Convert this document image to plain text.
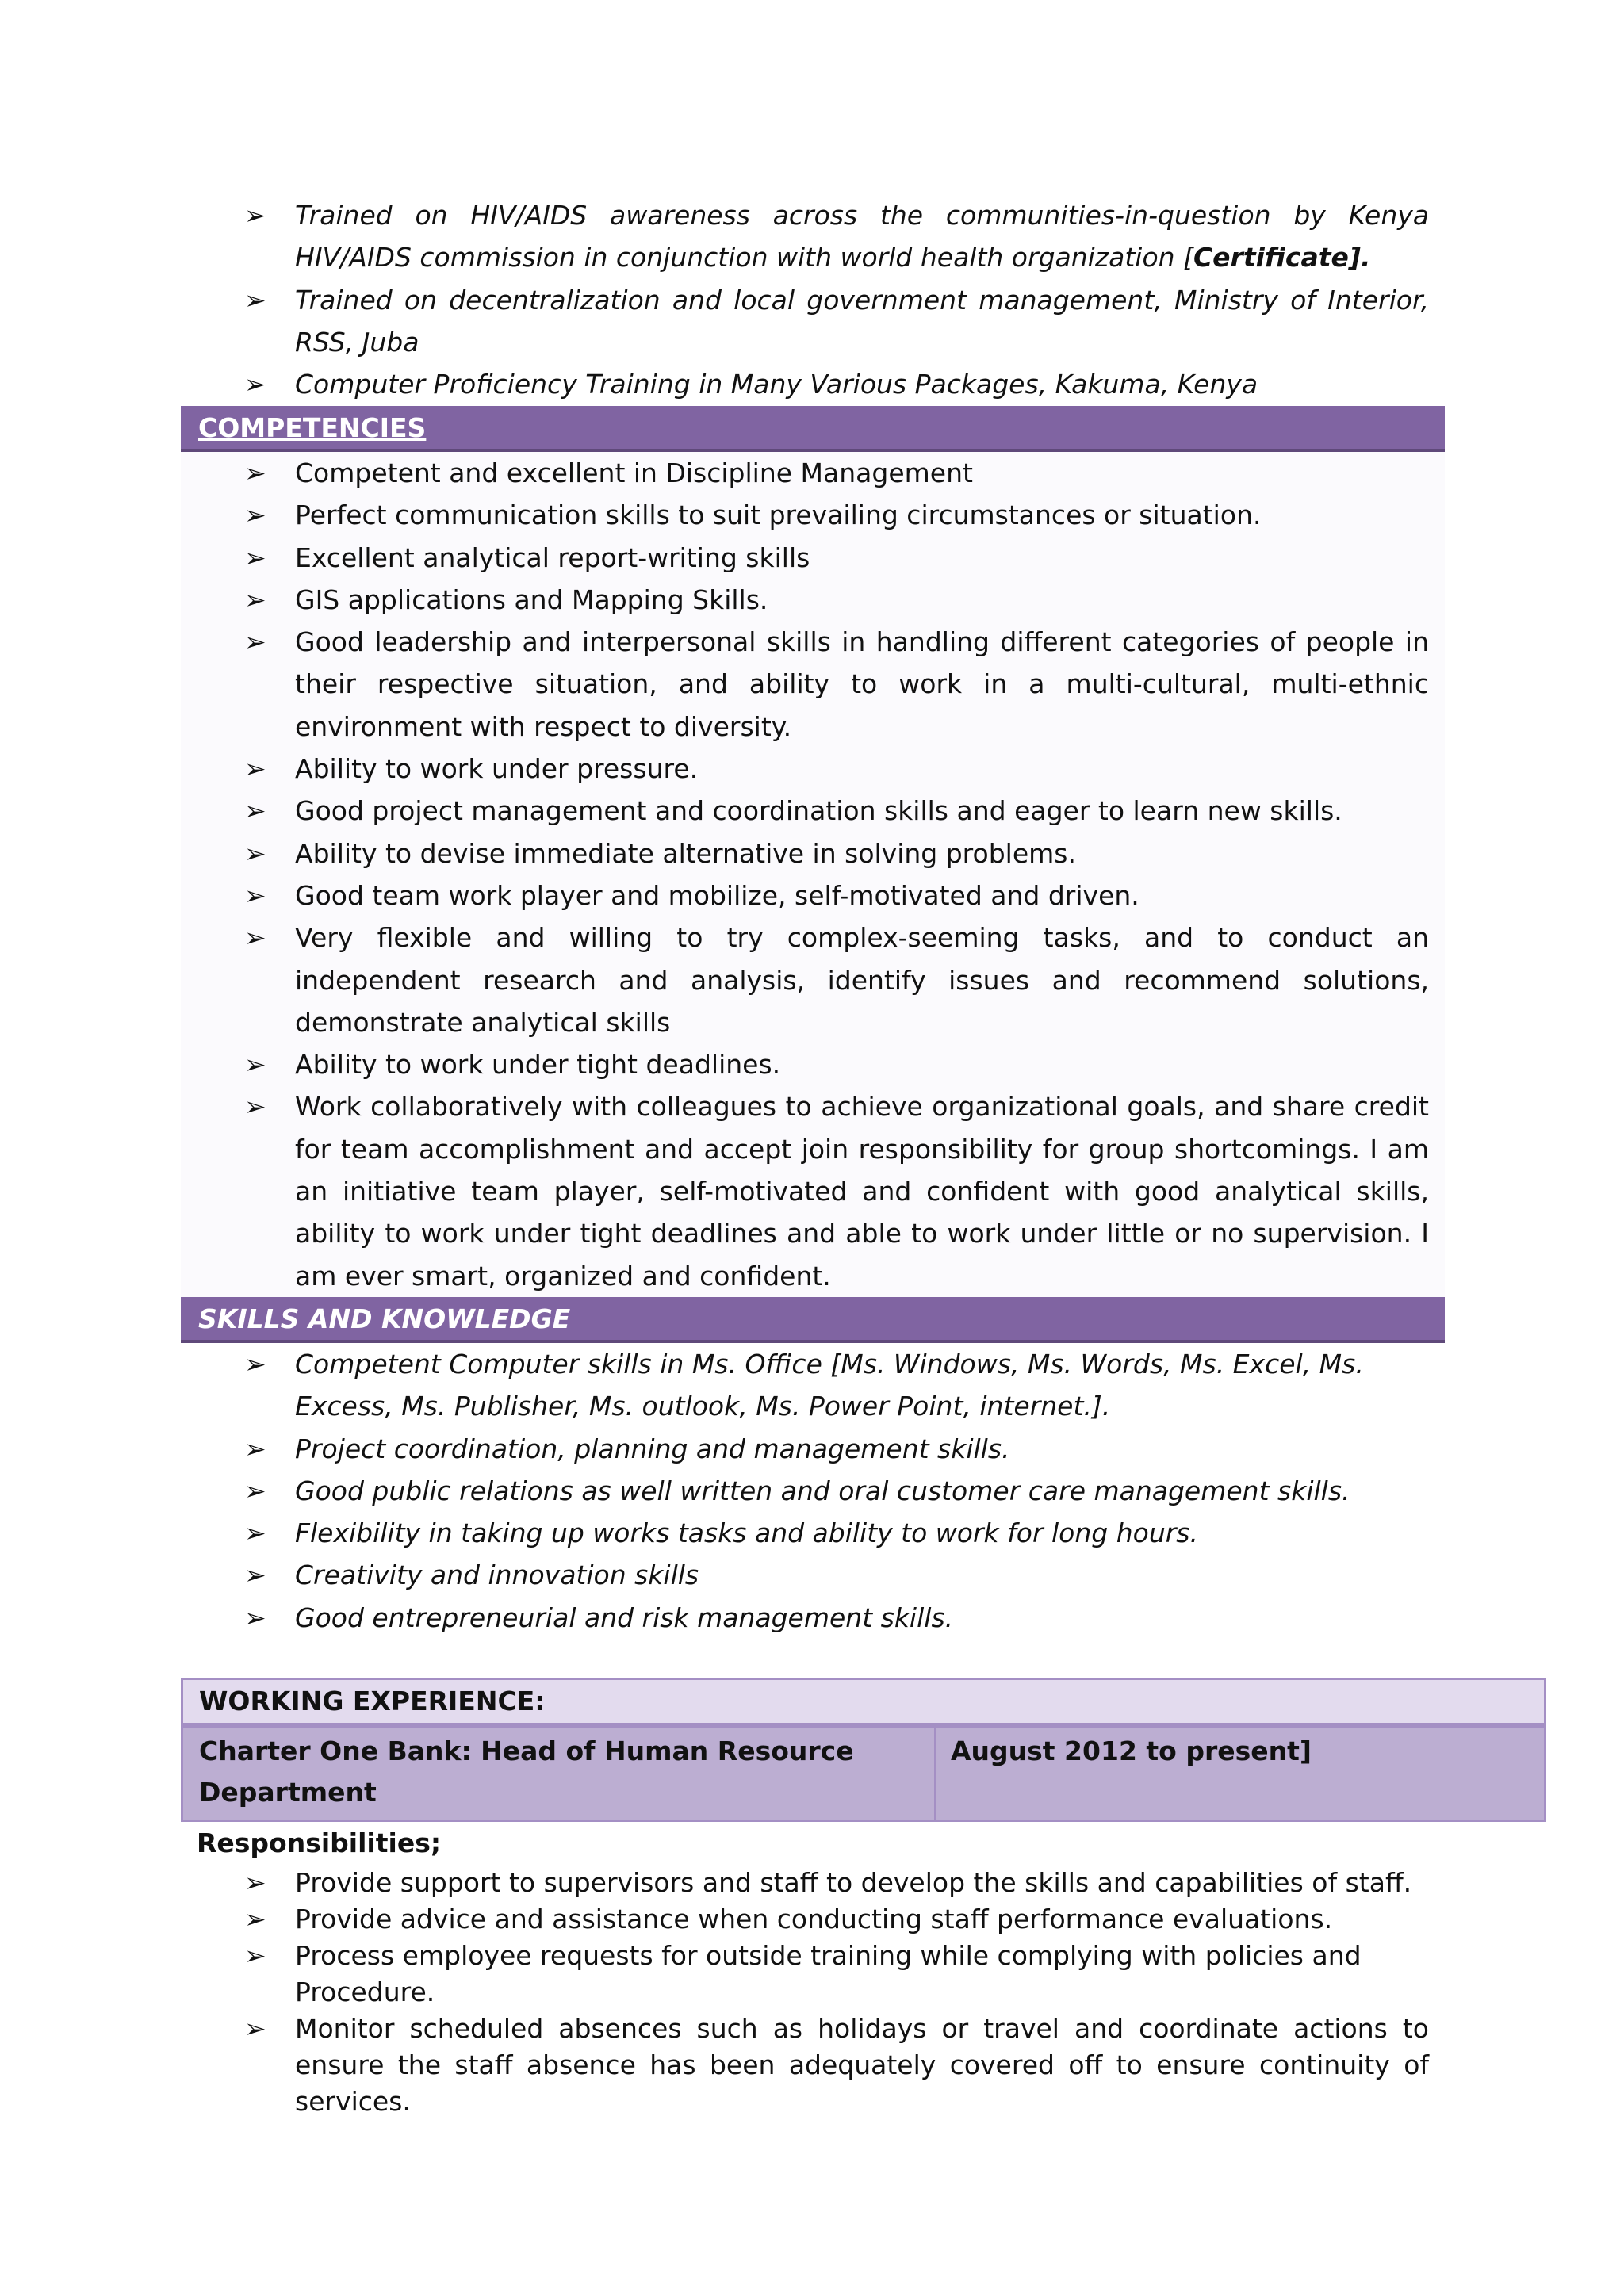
➢ Trained on HIV/AIDS awareness across the communities-in-question by Kenya HIV/AIDS commission in conjunction with world health organization [Certificate].
➢ Trained on decentralization and local government management, Ministry of Interior, RSS, Juba
➢ Computer Proficiency Training in Many Various Packages, Kakuma, Kenya
COMPETENCIES
➢ Competent and excellent in Discipline Management
➢ Perfect communication skills to suit prevailing circumstances or situation.
➢ Excellent analytical report-writing skills
➢ GIS applications and Mapping Skills.
➢ Good leadership and interpersonal skills in handling different categories of people in their respective situation, and ability to work in a multi-cultural, multi-ethnic environment with respect to diversity.
➢ Ability to work under pressure.
➢ Good project management and coordination skills and eager to learn new skills.
➢ Ability to devise immediate alternative in solving problems.
➢ Good team work player and mobilize, self-motivated and driven.
➢ Very flexible and willing to try complex-seeming tasks, and to conduct an independent research and analysis, identify issues and recommend solutions, demonstrate analytical skills
➢ Ability to work under tight deadlines.
➢ Work collaboratively with colleagues to achieve organizational goals, and share credit for team accomplishment and accept join responsibility for group shortcomings. I am an initiative team player, self-motivated and confident with good analytical skills, ability to work under tight deadlines and able to work under little or no supervision. I am ever smart, organized and confident.
SKILLS AND KNOWLEDGE
➢ Competent Computer skills in Ms. Office [Ms. Windows, Ms. Words, Ms. Excel, Ms. Excess, Ms. Publisher, Ms. outlook, Ms. Power Point, internet.].
➢ Project coordination, planning and management skills.
➢ Good public relations as well written and oral customer care management skills.
➢ Flexibility in taking up works tasks and ability to work for long hours.
➢ Creativity and innovation skills
➢ Good entrepreneurial and risk management skills.
WORKING EXPERIENCE:
Charter One Bank: Head of Human Resource Department
August 2012 to present]
Responsibilities;
➢ Provide support to supervisors and staff to develop the skills and capabilities of staff.
➢ Provide advice and assistance when conducting staff performance evaluations.
➢ Process employee requests for outside training while complying with policies and Procedure.
➢ Monitor scheduled absences such as holidays or travel and coordinate actions to ensure the staff absence has been adequately covered off to ensure continuity of services.
